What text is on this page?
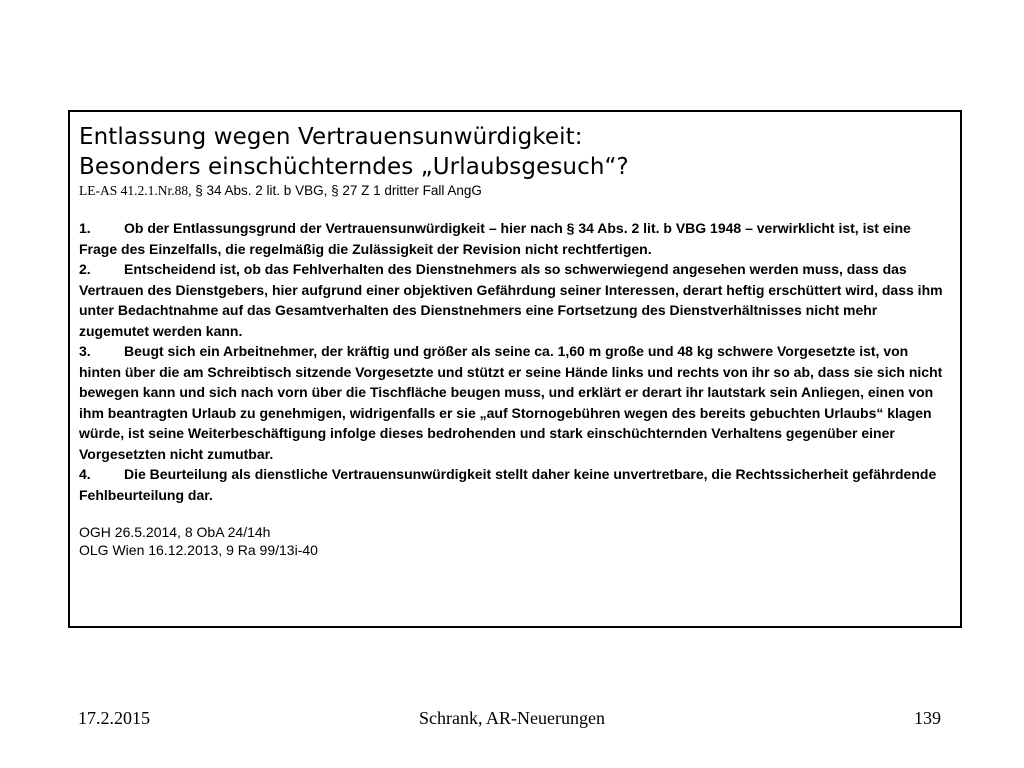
Entlassung wegen Vertrauensunwürdigkeit:

Besonders einschüchterndes „Urlaubsgesuch“?

LE-AS 41.2.1.Nr.88, § 34 Abs. 2 lit. b VBG, § 27 Z 1 dritter Fall AngG

1. Ob der Entlassungsgrund der Vertrauensunwürdigkeit – hier nach § 34 Abs. 2 lit. b VBG 1948 – verwirklicht ist, ist eine Frage des Einzelfalls, die regelmäßig die Zulässigkeit der Revision nicht rechtfertigen.

2. Entscheidend ist, ob das Fehlverhalten des Dienstnehmers als so schwerwiegend angesehen werden muss, dass das Vertrauen des Dienstgebers, hier aufgrund einer objektiven Gefährdung seiner Interessen, derart heftig erschüttert wird, dass ihm unter Bedachtnahme auf das Gesamtverhalten des Dienstnehmers eine Fortsetzung des Dienstverhältnisses nicht mehr zugemutet werden kann.

3. Beugt sich ein Arbeitnehmer, der kräftig und größer als seine ca. 1,60 m große und 48 kg schwere Vorgesetzte ist, von hinten über die am Schreibtisch sitzende Vorgesetzte und stützt er seine Hände links und rechts von ihr so ab, dass sie sich nicht bewegen kann und sich nach vorn über die Tischfläche beugen muss, und erklärt er derart ihr lautstark sein Anliegen, einen von ihm beantragten Urlaub zu genehmigen, widrigenfalls er sie „auf Stornogebühren wegen des bereits gebuchten Urlaubs“ klagen würde, ist seine Weiterbeschäftigung infolge dieses bedrohenden und stark einschüchternden Verhaltens gegenüber einer Vorgesetzten nicht zumutbar.

4. Die Beurteilung als dienstliche Vertrauensunwürdigkeit stellt daher keine unvertretbare, die Rechtssicherheit gefährdende Fehlbeurteilung dar.

OGH 26.5.2014, 8 ObA 24/14h

OLG Wien 16.12.2013, 9 Ra 99/13i-40

17.2.2015	Schrank, AR-Neuerungen	139
